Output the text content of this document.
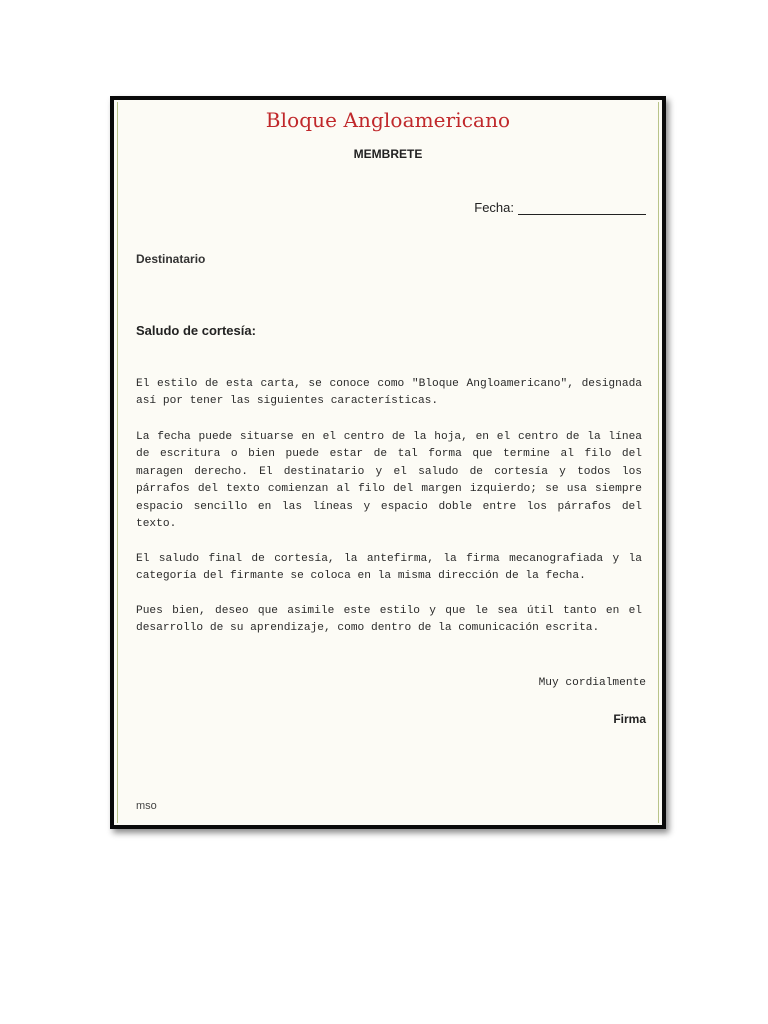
Bloque Angloamericano
MEMBRETE
Fecha:
Destinatario
Saludo de cortesía:

El estilo de esta carta, se conoce como "Bloque Angloamericano", designada así por tener las siguientes características.

La fecha puede situarse en el centro de la hoja, en el centro de la línea de escritura o bien puede estar de tal forma que termine al filo del maragen derecho. El destinatario y el saludo de cortesía y todos los párrafos del texto comienzan al filo del margen izquierdo; se usa siempre espacio sencillo en las líneas y espacio doble entre los párrafos del texto.

El saludo final de cortesía, la antefirma, la firma mecanografiada y la categoría del firmante se coloca en la misma dirección de la fecha.

Pues bien, deseo que asimile este estilo y que le sea útil tanto en el desarrollo de su aprendizaje, como dentro de la comunicación escrita.

Muy cordialmente
Firma
mso
